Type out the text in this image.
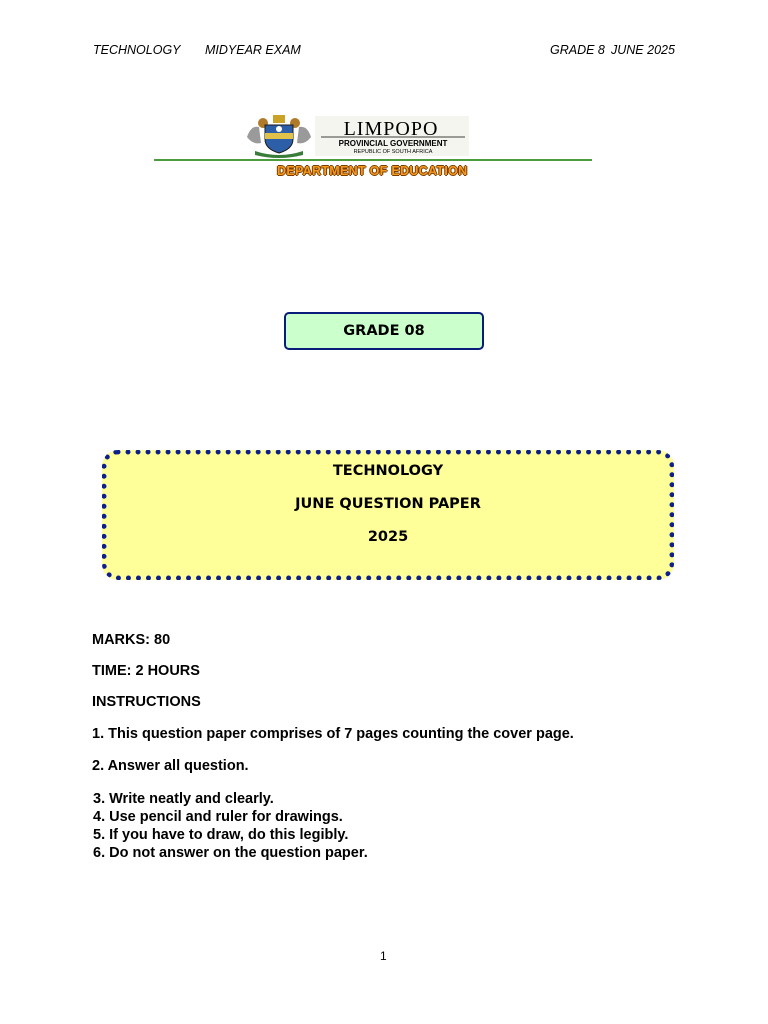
TECHNOLOGY MIDYEAR EXAM	GRADE 8 JUNE 2025
LIMPOPO
PROVINCIAL GOVERNMENT
REPUBLIC OF SOUTH AFRICA
DEPARTMENT OF EDUCATION
GRADE 08
TECHNOLOGY
JUNE QUESTION PAPER
2025
MARKS: 80
TIME: 2 HOURS
INSTRUCTIONS
1. This question paper comprises of 7 pages counting the cover page.
2. Answer all question.
3. Write neatly and clearly.
4. Use pencil and ruler for drawings.
5. If you have to draw, do this legibly.
6. Do not answer on the question paper.
1
